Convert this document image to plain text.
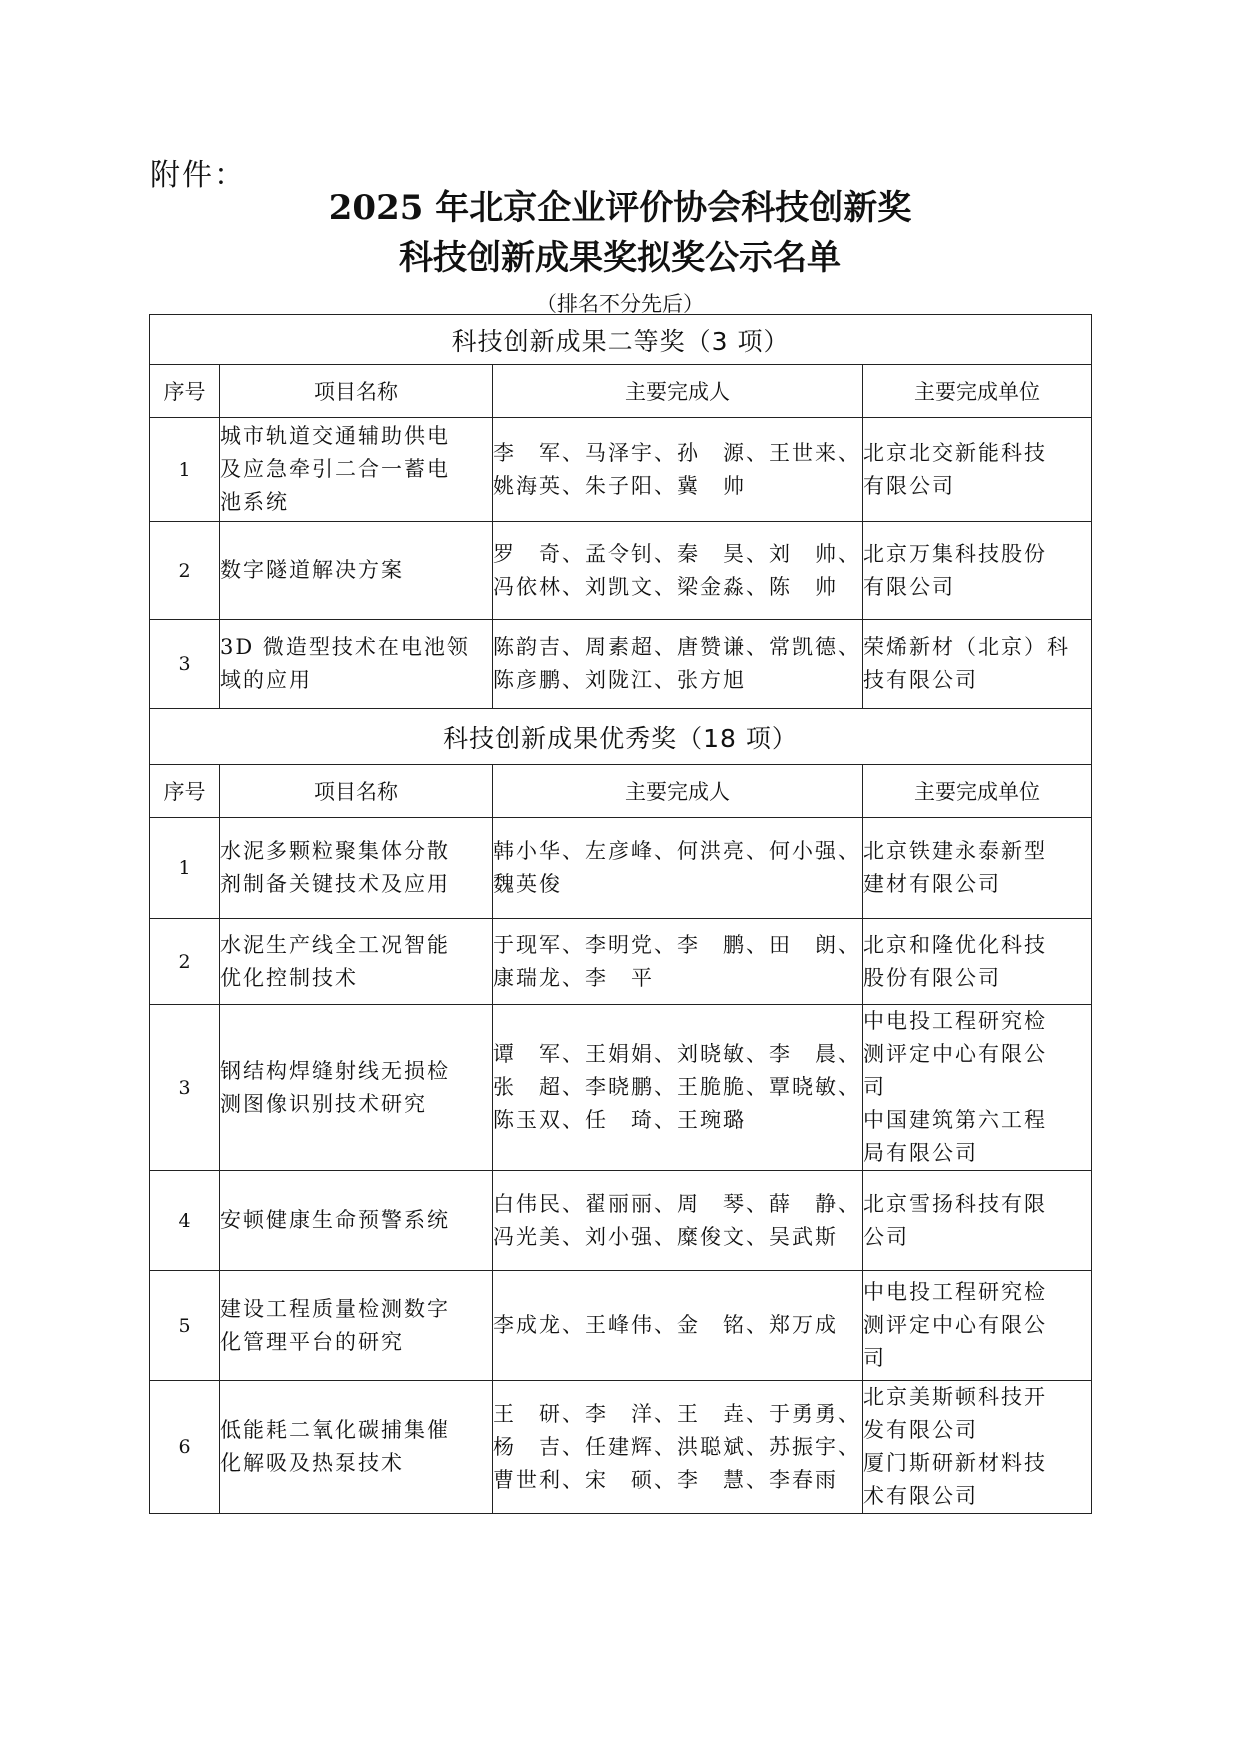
附件：
2025 年北京企业评价协会科技创新奖
科技创新成果奖拟奖公示名单
（排名不分先后）
科技创新成果二等奖（3 项）			
序号	项目名称	主要完成人	主要完成单位
1	城市轨道交通辅助供电
及应急牵引二合一蓄电
池系统	李　军、马泽宇、孙　源、王世来、
姚海英、朱子阳、冀　帅	北京北交新能科技
有限公司

2	数字隧道解决方案	罗　奇、孟令钊、秦　昊、刘　帅、
冯依林、刘凯文、梁金淼、陈　帅	北京万集科技股份
有限公司

3	3D 微造型技术在电池领
域的应用	陈韵吉、周素超、唐赞谦、常凯德、
陈彦鹏、刘陇江、张方旭	荣烯新材（北京）科
技有限公司

科技创新成果优秀奖（18 项）			
序号	项目名称	主要完成人	主要完成单位
1	水泥多颗粒聚集体分散
剂制备关键技术及应用	韩小华、左彦峰、何洪亮、何小强、
魏英俊	北京铁建永泰新型
建材有限公司

2	水泥生产线全工况智能
优化控制技术	于现军、李明党、李　鹏、田　朗、
康瑞龙、李　平	北京和隆优化科技
股份有限公司

3	钢结构焊缝射线无损检
测图像识别技术研究	谭　军、王娟娟、刘晓敏、李　晨、
张　超、李晓鹏、王脆脆、覃晓敏、
陈玉双、任　琦、王琬璐	中电投工程研究检
测评定中心有限公
司
中国建筑第六工程
局有限公司

4	安顿健康生命预警系统	白伟民、翟丽丽、周　琴、薛　静、
冯光美、刘小强、糜俊文、吴武斯	北京雪扬科技有限
公司

5	建设工程质量检测数字
化管理平台的研究	李成龙、王峰伟、金　铭、郑万成	中电投工程研究检
测评定中心有限公
司

6	低能耗二氧化碳捕集催
化解吸及热泵技术	王　研、李　洋、王　垚、于勇勇、
杨　吉、任建辉、洪聪斌、苏振宇、
曹世利、宋　硕、李　慧、李春雨	北京美斯顿科技开
发有限公司
厦门斯研新材料技
术有限公司
